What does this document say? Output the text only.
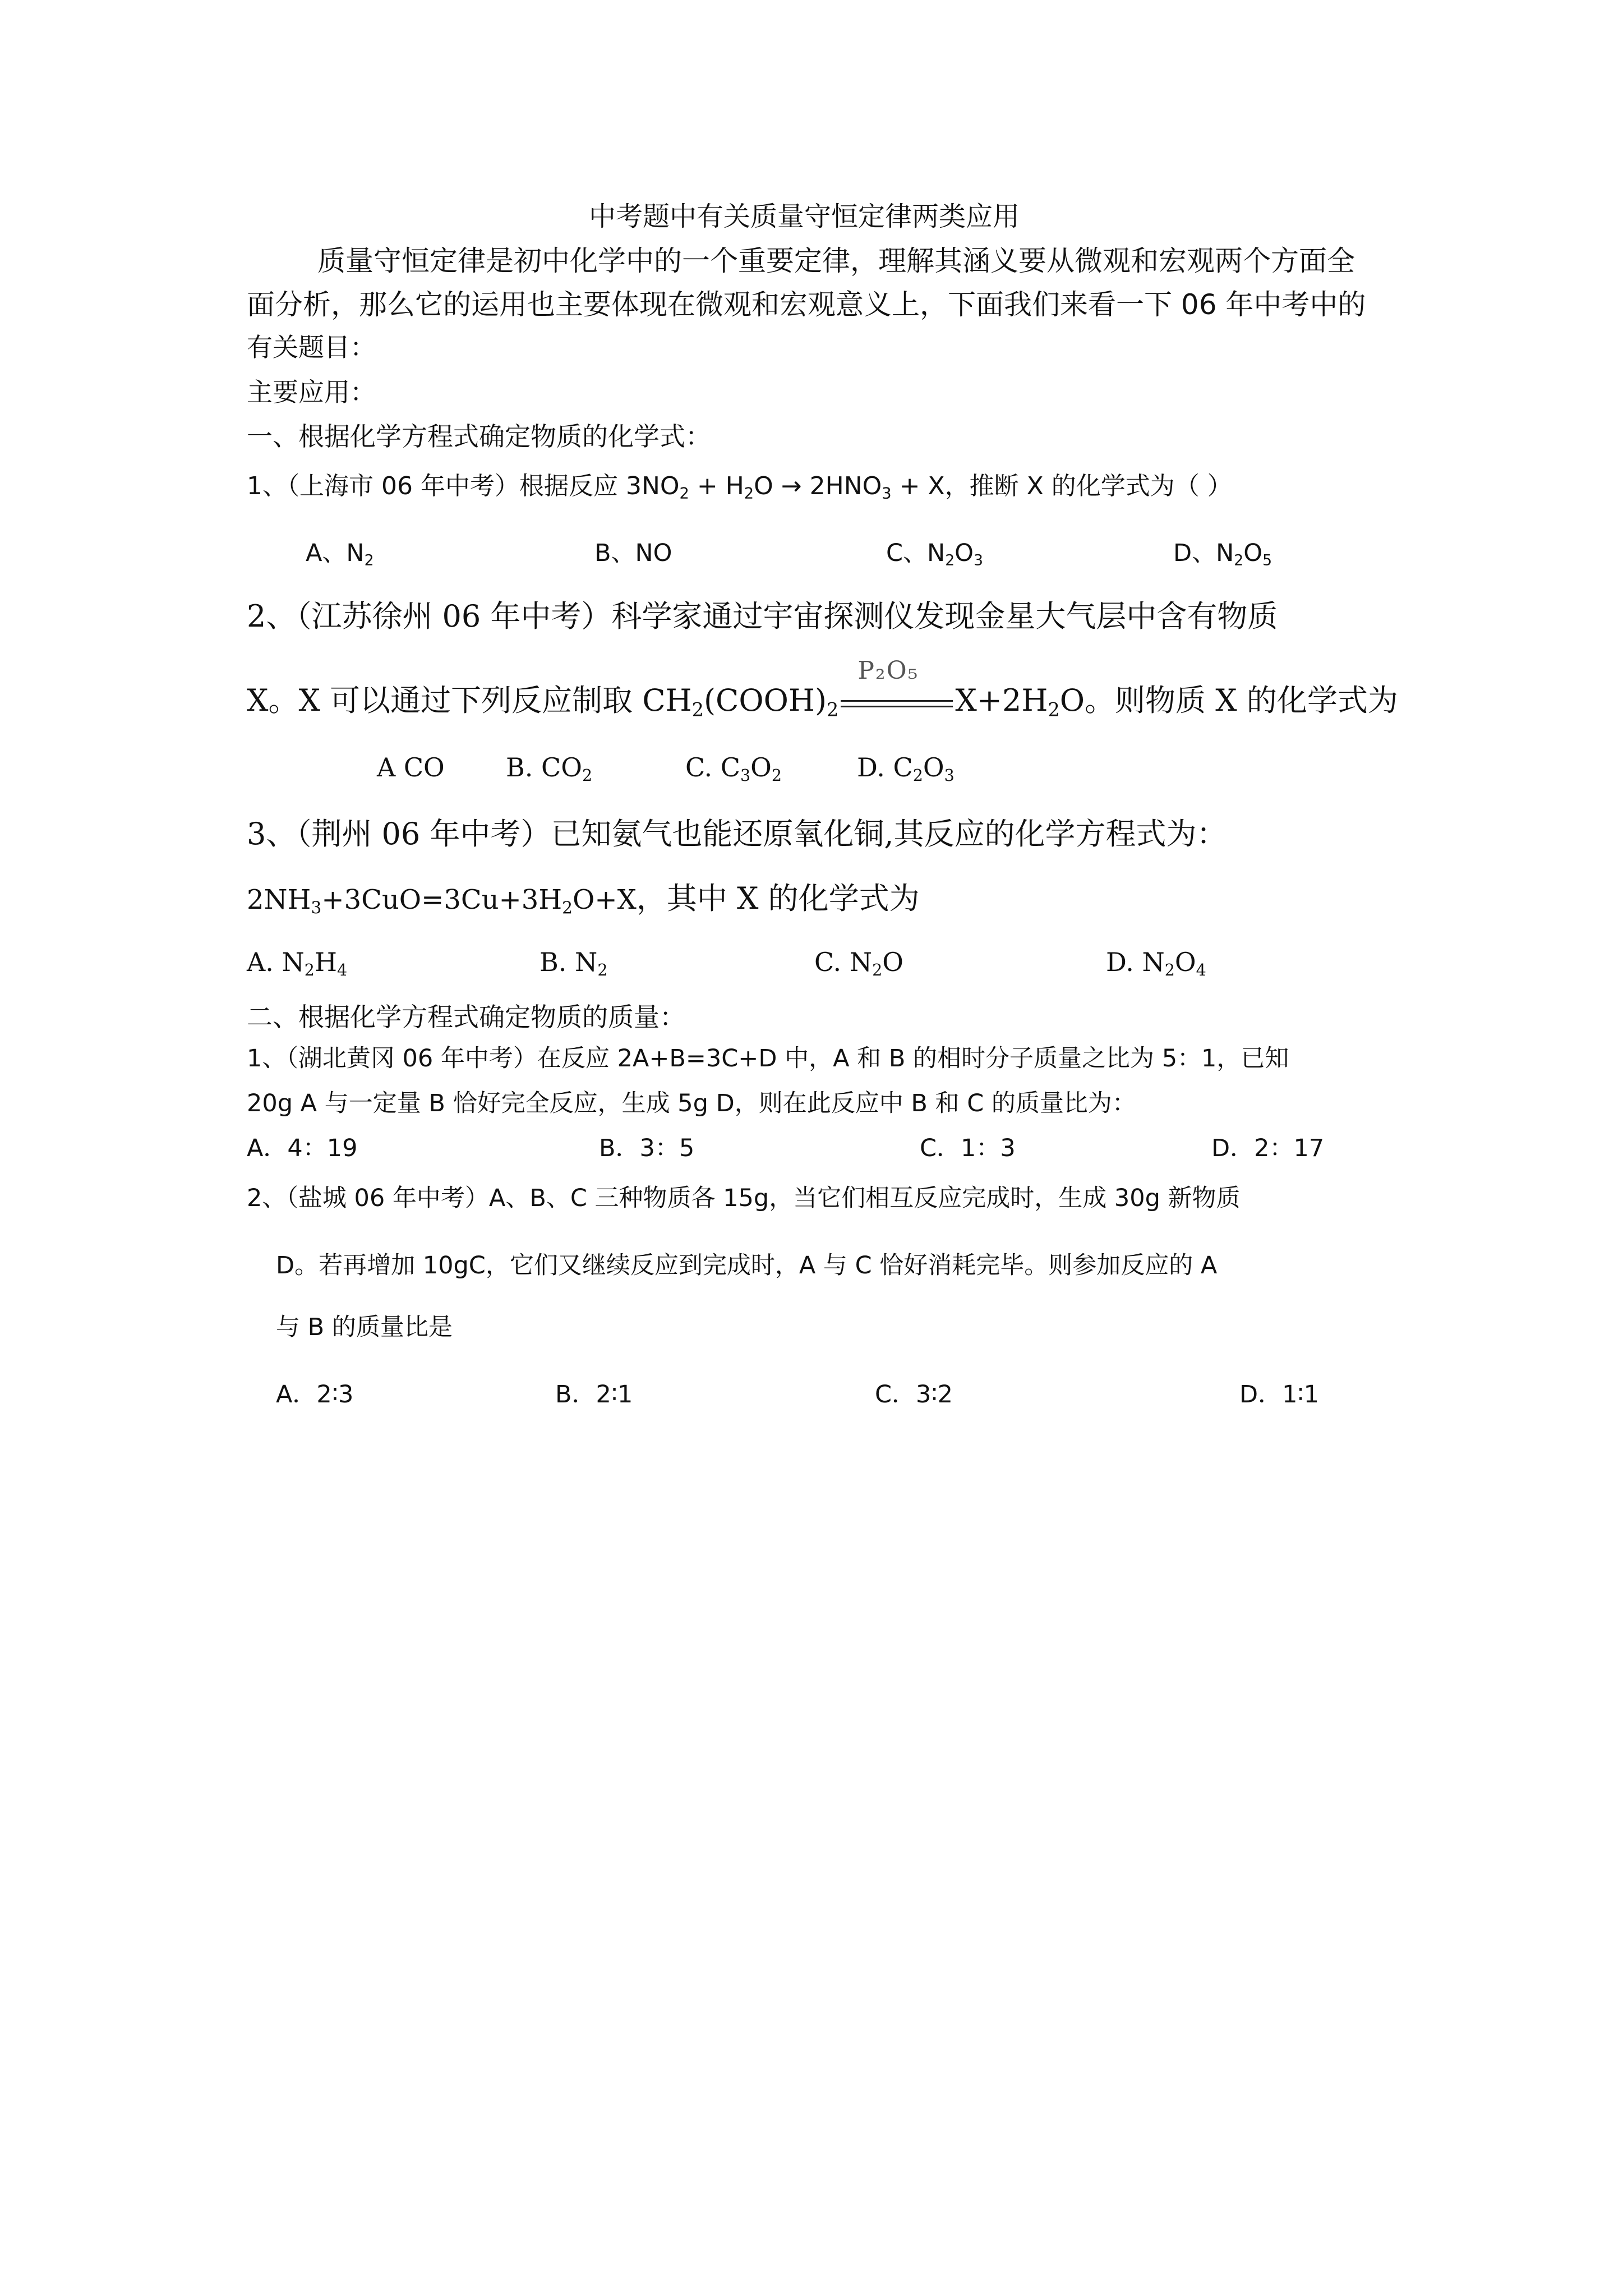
中考题中有关质量守恒定律两类应用
质量守恒定律是初中化学中的一个重要定律，理解其涵义要从微观和宏观两个方面全
面分析，那么它的运用也主要体现在微观和宏观意义上，下面我们来看一下 06 年中考中的
有关题目：
主要应用：
一、根据化学方程式确定物质的化学式：
1、（上海市 06 年中考）根据反应 $3NO_2 + H_2O \to 2HNO_3 + X$，推断 X 的化学式为（ ）
A、$N_2$	B、NO	C、$N_2O_3$	D、$N_2O_5$
2、（江苏徐州 06 年中考）科学家通过宇宙探测仪发现金星大气层中含有物质
X。X 可以通过下列反应制取 $CH_2(COOH)_2$
P₂O₅
$X+2H_2O$。则物质 X 的化学式为
A CO B. $CO_2$	C. $C_3O_2$	D. $C_2O_3$
3、（荆州 06 年中考）已知氨气也能还原氧化铜,其反应的化学方程式为：
$2NH_3+3CuO=3Cu+3H_2O+X$，其中 X 的化学式为
A. $N_2H_4$	B. $N_2$	C. $N_2O$	D. $N_2O_4$
二、根据化学方程式确定物质的质量：
1、（湖北黄冈 06 年中考）在反应 2A+B=3C+D 中，A 和 B 的相时分子质量之比为 5：1，已知
20g A 与一定量 B 恰好完全反应，生成 5g D，则在此反应中 B 和 C 的质量比为：
A．4：19	B．3：5	C．1：3	D．2：17
2、（盐城 06 年中考）A、B、C 三种物质各 15g，当它们相互反应完成时，生成 30g 新物质
D。若再增加 10gC，它们又继续反应到完成时，A 与 C 恰好消耗完毕。则参加反应的 A
与 B 的质量比是
A．2∶3	B．2∶1	C．3∶2	D．1∶1
